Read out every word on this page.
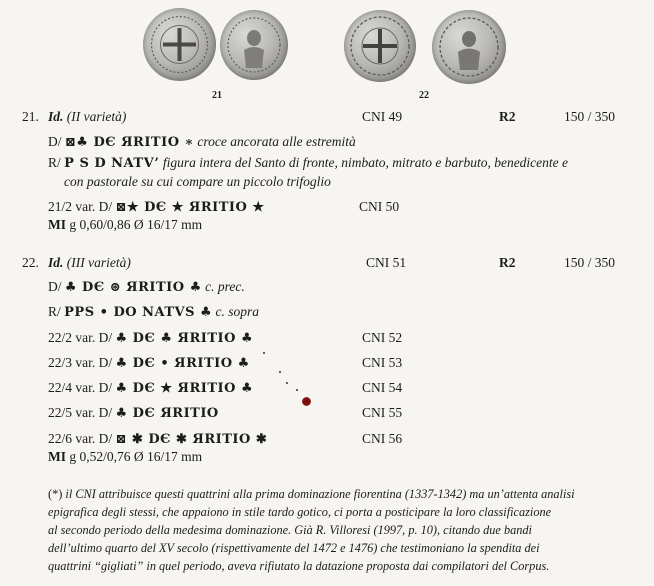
21	22
21. Id. (II varietà)	CNI 49	R2	150 / 350
D/ ⊠♣ DЄ ЯRITIO ∗ croce ancorata alle estremità
R/ P S D NATV’ figura intera del Santo di fronte, nimbato, mitrato e barbuto, benedicente e
con pastorale su cui compare un piccolo trifoglio
21/2 var. D/ ⊠★ DЄ ★ ЯRITIO ★	CNI 50
MI g 0,60/0,86 Ø 16/17 mm
22. Id. (III varietà)	CNI 51	R2	150 / 350
D/ ♣ DЄ ⊛ ЯRITIO ♣ c. prec.
R/ PPS • DO NATVS ♣ c. sopra
22/2 var. D/ ♣ DЄ ♣ ЯRITIO ♣	CNI 52
22/3 var. D/ ♣ DЄ • ЯRITIO ♣	CNI 53
22/4 var. D/ ♣ DЄ ★ ЯRITIO ♣	CNI 54
22/5 var. D/ ♣ DЄ ЯRITIO	CNI 55
22/6 var. D/ ⊠ ✱ DЄ ✱ ЯRITIO ✱	CNI 56
MI g 0,52/0,76 Ø 16/17 mm
(*) il CNI attribuisce questi quattrini alla prima dominazione fiorentina (1337-1342) ma un’attenta analisi
epigrafica degli stessi, che appaiono in stile tardo gotico, ci porta a posticipare la loro classificazione
al secondo periodo della medesima dominazione. Già R. Villoresi (1997, p. 10), citando due bandi
dell’ultimo quarto del XV secolo (rispettivamente del 1472 e 1476) che testimoniano la spendita dei
quattrini “gigliati” in quel periodo, aveva rifiutato la datazione proposta dai compilatori del Corpus.
